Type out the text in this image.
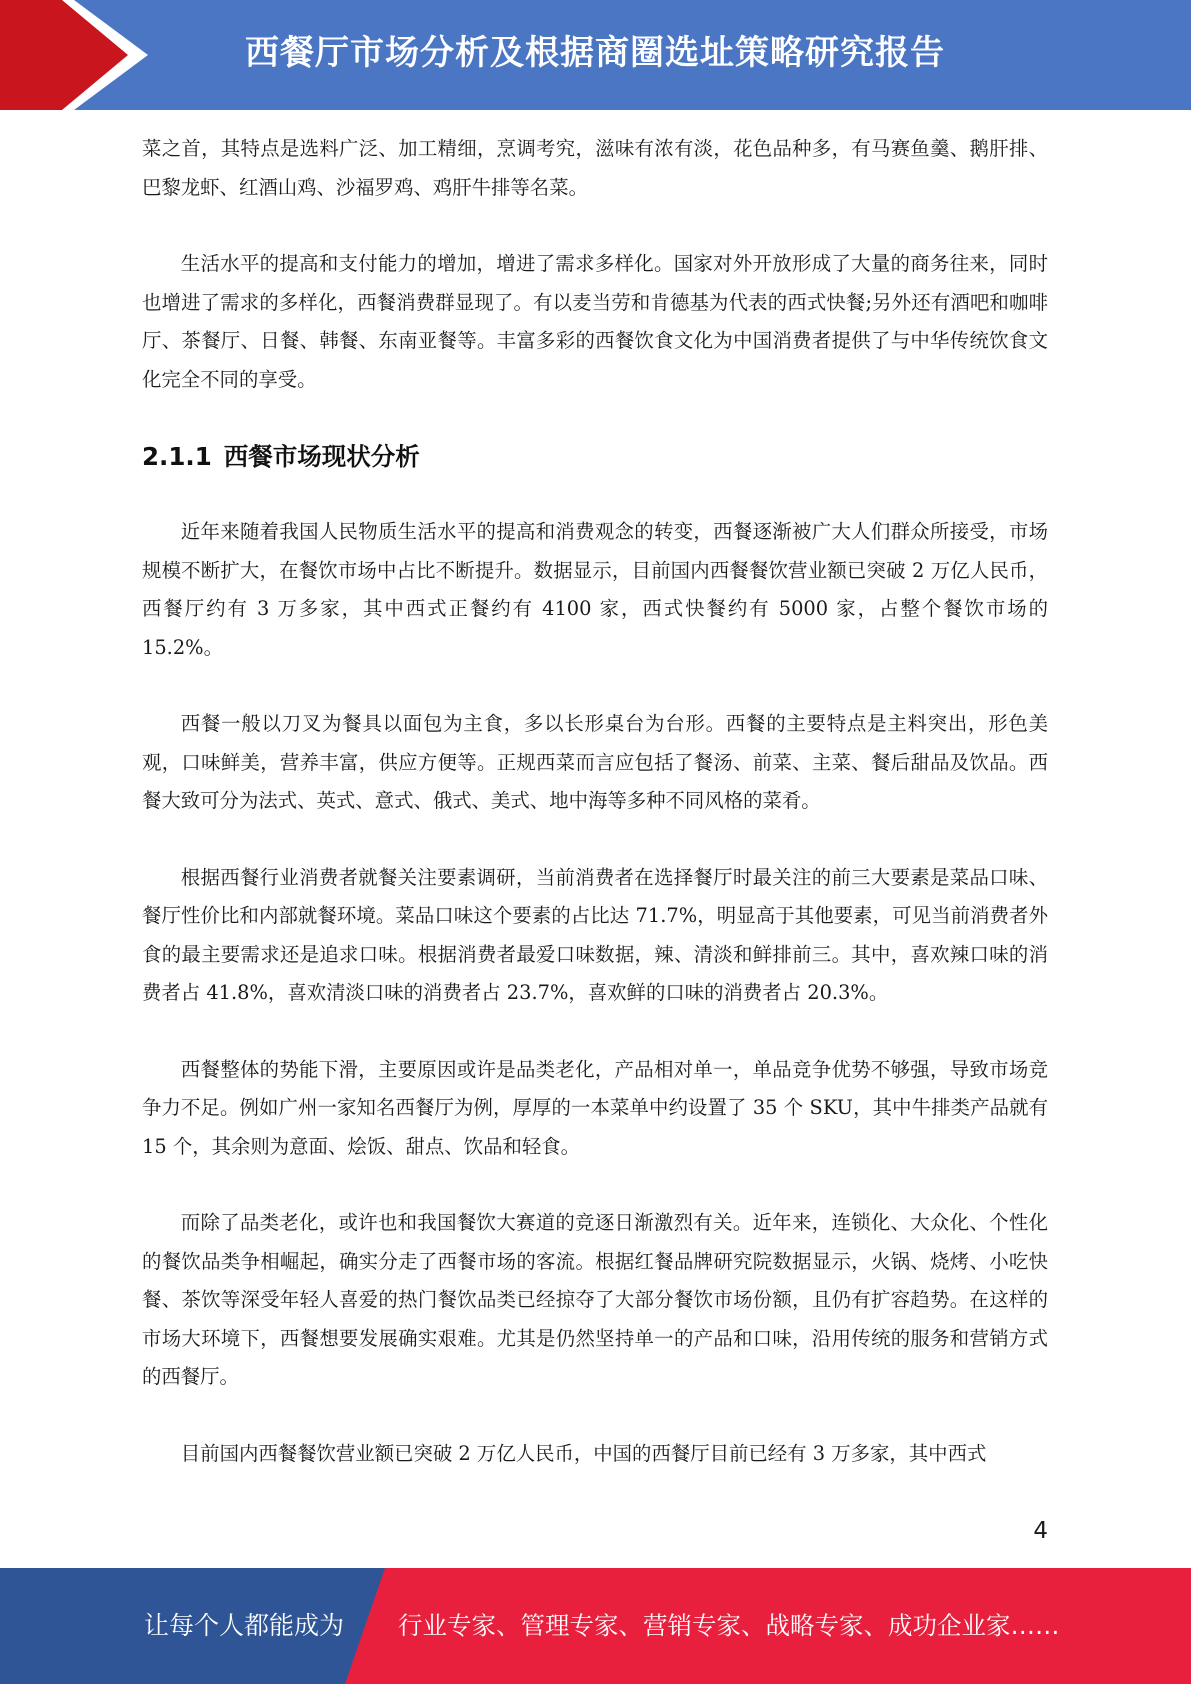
西餐厅市场分析及根据商圈选址策略研究报告

菜之首，其特点是选料广泛、加工精细，烹调考究，滋味有浓有淡，花色品种多，有马赛鱼羹、鹅肝排、巴黎龙虾、红酒山鸡、沙福罗鸡、鸡肝牛排等名菜。

生活水平的提高和支付能力的增加，增进了需求多样化。国家对外开放形成了大量的商务往来，同时也增进了需求的多样化，西餐消费群显现了。有以麦当劳和肯德基为代表的西式快餐;另外还有酒吧和咖啡厅、茶餐厅、日餐、韩餐、东南亚餐等。丰富多彩的西餐饮食文化为中国消费者提供了与中华传统饮食文化完全不同的享受。

2.1.1 西餐市场现状分析

近年来随着我国人民物质生活水平的提高和消费观念的转变，西餐逐渐被广大人们群众所接受，市场规模不断扩大，在餐饮市场中占比不断提升。数据显示，目前国内西餐餐饮营业额已突破 2 万亿人民币，西餐厅约有 3 万多家，其中西式正餐约有 4100 家，西式快餐约有 5000 家，占整个餐饮市场的 15.2%。

西餐一般以刀叉为餐具以面包为主食，多以长形桌台为台形。西餐的主要特点是主料突出，形色美观，口味鲜美，营养丰富，供应方便等。正规西菜而言应包括了餐汤、前菜、主菜、餐后甜品及饮品。西餐大致可分为法式、英式、意式、俄式、美式、地中海等多种不同风格的菜肴。

根据西餐行业消费者就餐关注要素调研，当前消费者在选择餐厅时最关注的前三大要素是菜品口味、餐厅性价比和内部就餐环境。菜品口味这个要素的占比达 71.7%，明显高于其他要素，可见当前消费者外食的最主要需求还是追求口味。根据消费者最爱口味数据，辣、清淡和鲜排前三。其中，喜欢辣口味的消费者占 41.8%，喜欢清淡口味的消费者占 23.7%，喜欢鲜的口味的消费者占 20.3%。

西餐整体的势能下滑，主要原因或许是品类老化，产品相对单一，单品竞争优势不够强，导致市场竞争力不足。例如广州一家知名西餐厅为例，厚厚的一本菜单中约设置了 35 个 SKU，其中牛排类产品就有 15 个，其余则为意面、烩饭、甜点、饮品和轻食。

而除了品类老化，或许也和我国餐饮大赛道的竞逐日渐激烈有关。近年来，连锁化、大众化、个性化的餐饮品类争相崛起，确实分走了西餐市场的客流。根据红餐品牌研究院数据显示，火锅、烧烤、小吃快餐、茶饮等深受年轻人喜爱的热门餐饮品类已经掠夺了大部分餐饮市场份额，且仍有扩容趋势。在这样的市场大环境下，西餐想要发展确实艰难。尤其是仍然坚持单一的产品和口味，沿用传统的服务和营销方式的西餐厅。

目前国内西餐餐饮营业额已突破 2 万亿人民币，中国的西餐厅目前已经有 3 万多家，其中西式

4
让每个人都能成为 行业专家、管理专家、营销专家、战略专家、成功企业家……
